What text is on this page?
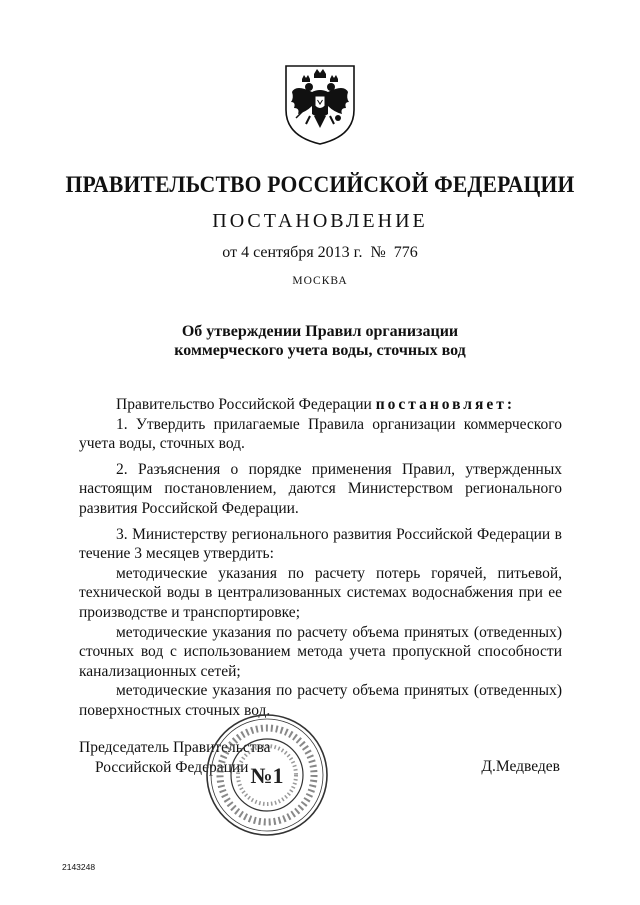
ПРАВИТЕЛЬСТВО РОССИЙСКОЙ ФЕДЕРАЦИИ
ПОСТАНОВЛЕНИЕ
от 4 сентября 2013 г.  №  776
МОСКВА
Об утверждении Правил организации
коммерческого учета воды, сточных вод

Правительство Российской Федерации постановляет:

1. Утвердить прилагаемые Правила организации коммерческого учета воды, сточных вод.

2. Разъяснения о порядке применения Правил, утвержденных настоящим постановлением, даются Министерством регионального развития Российской Федерации.

3. Министерству регионального развития Российской Федерации в течение 3 месяцев утвердить:

методические указания по расчету потерь горячей, питьевой, технической воды в централизованных системах водоснабжения при ее производстве и транспортировке;

методические указания по расчету объема принятых (отведенных) сточных вод с использованием метода учета пропускной способности канализационных сетей;

методические указания по расчету объема принятых (отведенных) поверхностных сточных вод.

Председатель Правительства
Российской Федерации	Д.Медведев
№1
2143248
